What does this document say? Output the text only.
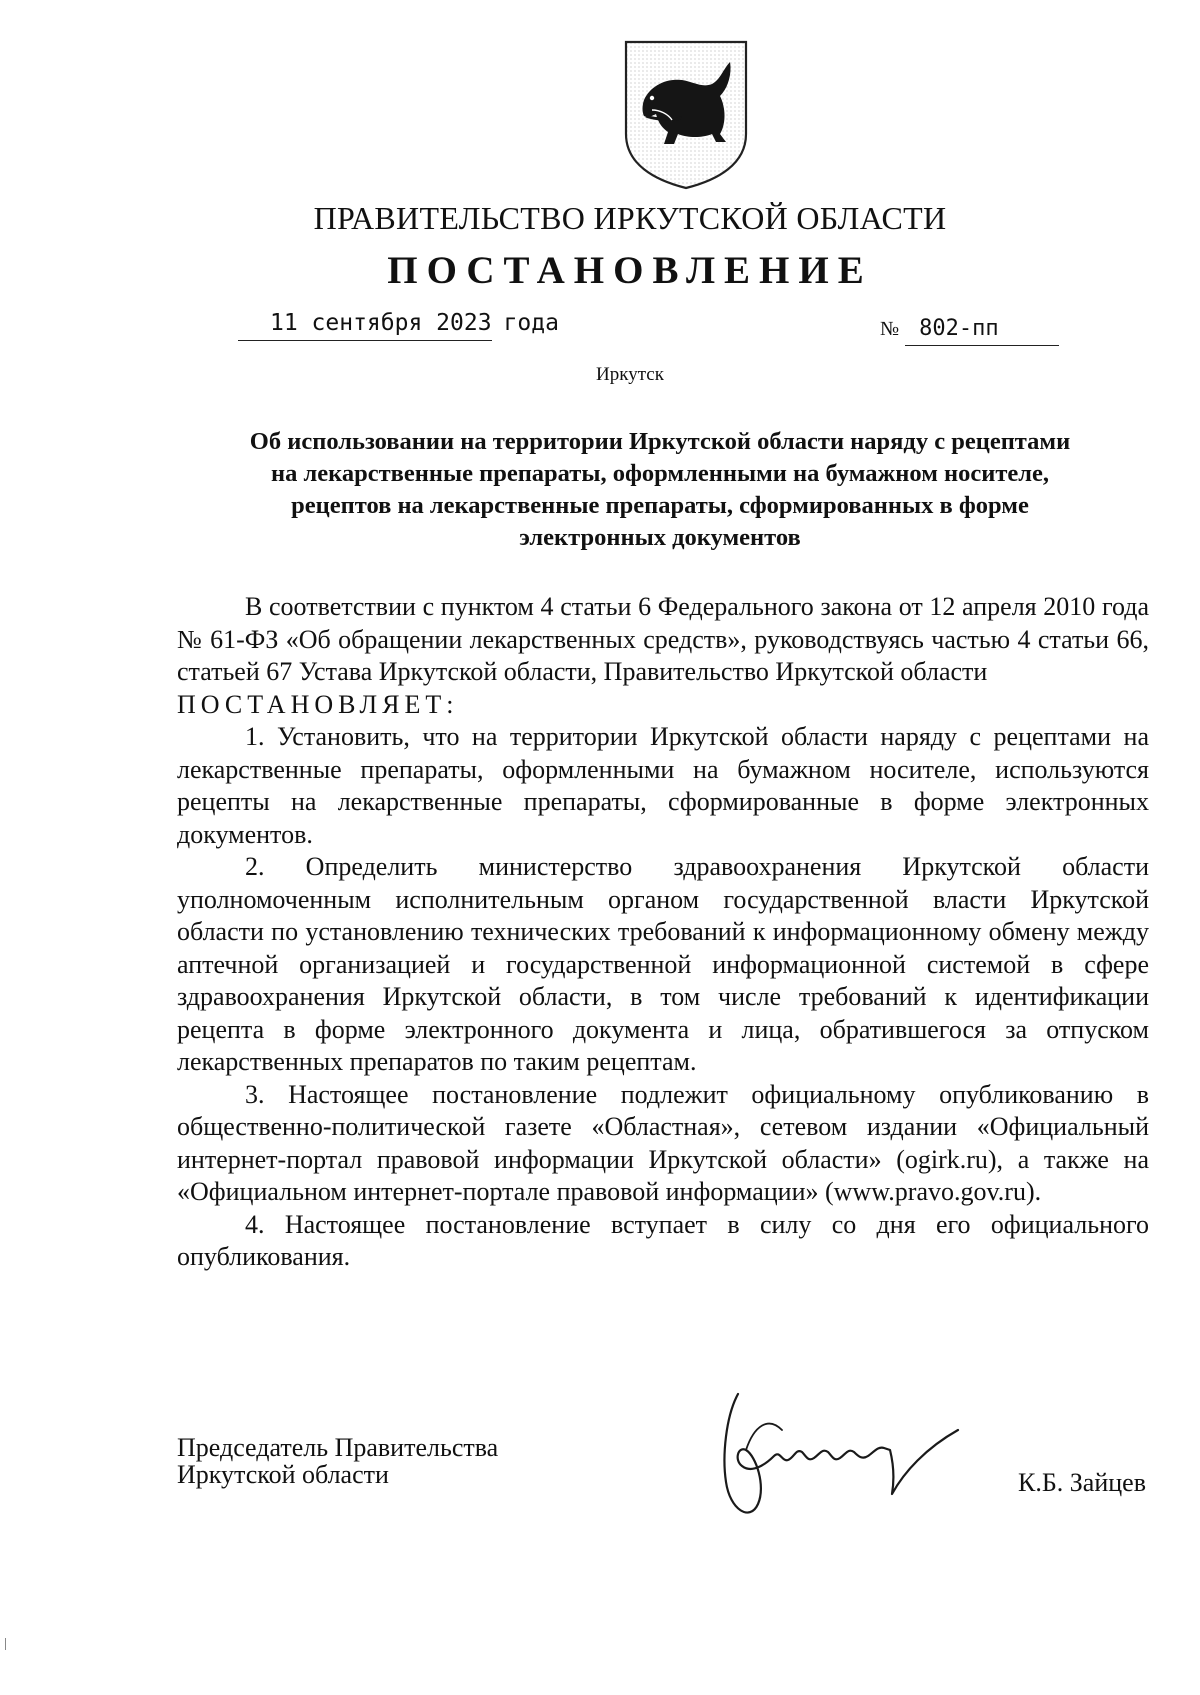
ПРАВИТЕЛЬСТВО ИРКУТСКОЙ ОБЛАСТИ
ПОСТАНОВЛЕНИЕ
11 сентября 2023 года	№ 802-пп
Иркутск
Об использовании на территории Иркутской области наряду с рецептами
на лекарственные препараты, оформленными на бумажном носителе,
рецептов на лекарственные препараты, сформированных в форме
электронных документов

В соответствии с пунктом 4 статьи 6 Федерального закона от 12 апреля 2010 года № 61-ФЗ «Об обращении лекарственных средств», руководствуясь частью 4 статьи 66, статьей 67 Устава Иркутской области, Правительство Иркутской области

ПОСТАНОВЛЯЕТ:

1. Установить, что на территории Иркутской области наряду с рецептами на лекарственные препараты, оформленными на бумажном носителе, используются рецепты на лекарственные препараты, сформированные в форме электронных документов.

2. Определить министерство здравоохранения Иркутской области уполномоченным исполнительным органом государственной власти Иркутской области по установлению технических требований к информационному обмену между аптечной организацией и государственной информационной системой в сфере здравоохранения Иркутской области, в том числе требований к идентификации рецепта в форме электронного документа и лица, обратившегося за отпуском лекарственных препаратов по таким рецептам.

3. Настоящее постановление подлежит официальному опубликованию в общественно-политической газете «Областная», сетевом издании «Официальный интернет-портал правовой информации Иркутской области» (ogirk.ru), а также на «Официальном интернет-портале правовой информации» (www.pravo.gov.ru).

4. Настоящее постановление вступает в силу со дня его официального опубликования.

Председатель Правительства
Иркутской области	К.Б. Зайцев
